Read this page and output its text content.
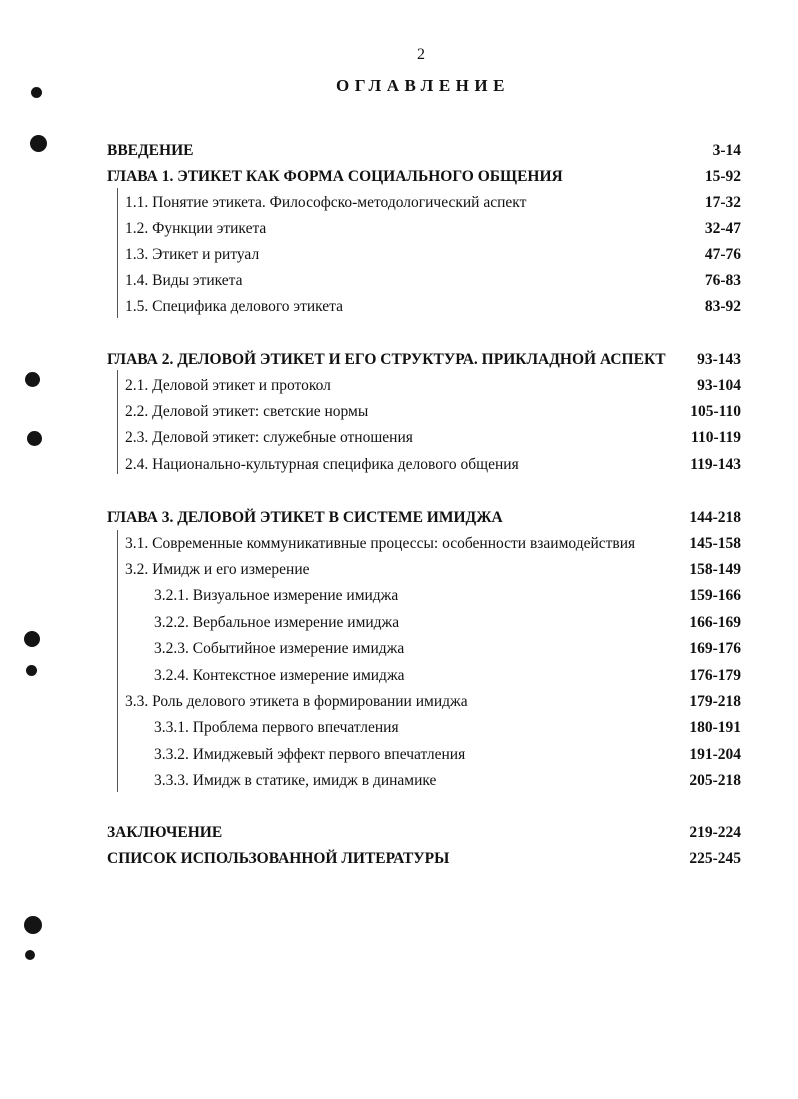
2
ОГЛАВЛЕНИЕ
ВВЕДЕНИЕ	3-14
ГЛАВА 1. ЭТИКЕТ КАК ФОРМА СОЦИАЛЬНОГО ОБЩЕНИЯ	15-92
1.1. Понятие этикета. Философско-методологический аспект	17-32
1.2. Функции этикета	32-47
1.3. Этикет и ритуал	47-76
1.4. Виды этикета	76-83
1.5. Специфика делового этикета	83-92
ГЛАВА 2. ДЕЛОВОЙ ЭТИКЕТ И ЕГО СТРУКТУРА. ПРИКЛАДНОЙ АСПЕКТ 93-143
2.1. Деловой этикет и протокол	93-104
2.2. Деловой этикет: светские нормы	105-110
2.3. Деловой этикет: служебные отношения	110-119
2.4. Национально-культурная специфика делового общения	119-143
ГЛАВА 3. ДЕЛОВОЙ ЭТИКЕТ В СИСТЕМЕ ИМИДЖА	144-218
3.1. Современные коммуникативные процессы: особенности взаимодействия	145-158
3.2. Имидж и его измерение	158-149
3.2.1. Визуальное измерение имиджа	159-166
3.2.2. Вербальное измерение имиджа	166-169
3.2.3. Событийное измерение имиджа	169-176
3.2.4. Контекстное измерение имиджа	176-179
3.3. Роль делового этикета в формировании имиджа	179-218
3.3.1. Проблема первого впечатления	180-191
3.3.2. Имиджевый эффект первого впечатления	191-204
3.3.3. Имидж в статике, имидж в динамике	205-218
ЗАКЛЮЧЕНИЕ	219-224
СПИСОК ИСПОЛЬЗОВАННОЙ ЛИТЕРАТУРЫ	225-245
